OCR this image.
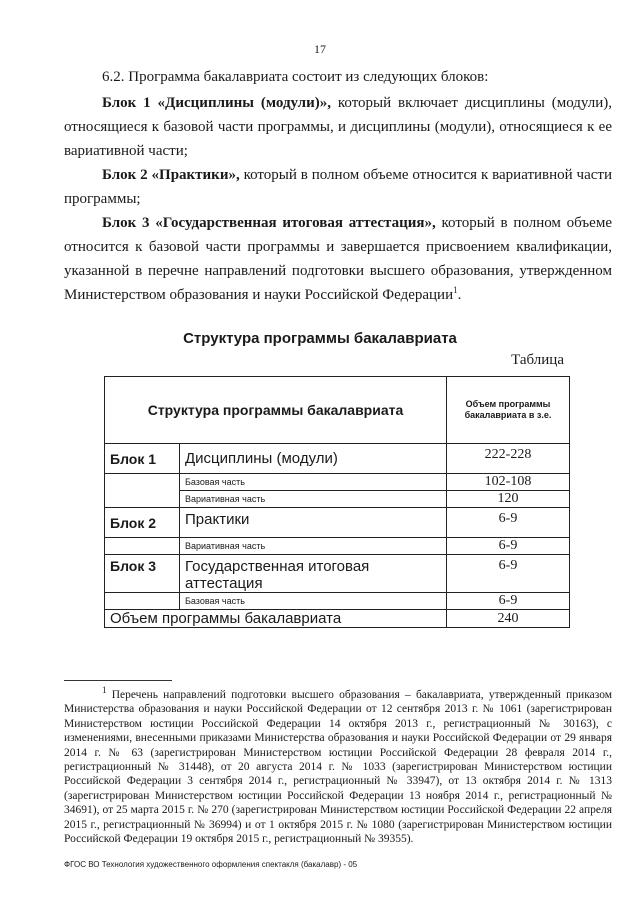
17

6.2. Программа бакалавриата состоит из следующих блоков:

Блок 1 «Дисциплины (модули)», который включает дисциплины (модули), относящиеся к базовой части программы, и дисциплины (модули), относящиеся к ее вариативной части;

Блок 2 «Практики», который в полном объеме относится к вариативной части программы;

Блок 3 «Государственная итоговая аттестация», который в полном объеме относится к базовой части программы и завершается присвоением квалификации, указанной в перечне направлений подготовки высшего образования, утвержденном Министерством образования и науки Российской Федерации$^1$.

Структура программы бакалавриата
Таблица
Структура программы бакалавриата		Объем программы бакалавриата в з.е.
Блок 1	Дисциплины (модули)	222-228
	Базовая часть	102-108
	Вариативная часть	120
Блок 2	Практики	6-9
	Вариативная часть	6-9
Блок 3	Государственная итоговая аттестация	6-9
	Базовая часть	6-9
Объем программы бакалавриата		240

$^1$ Перечень направлений подготовки высшего образования – бакалавриата, утвержденный приказом Министерства образования и науки Российской Федерации от 12 сентября 2013 г. № 1061 (зарегистрирован Министерством юстиции Российской Федерации 14 октября 2013 г., регистрационный № 30163), с изменениями, внесенными приказами Министерства образования и науки Российской Федерации от 29 января 2014 г. № 63 (зарегистрирован Министерством юстиции Российской Федерации 28 февраля 2014 г., регистрационный № 31448), от 20 августа 2014 г. № 1033 (зарегистрирован Министерством юстиции Российской Федерации 3 сентября 2014 г., регистрационный № 33947), от 13 октября 2014 г. № 1313 (зарегистрирован Министерством юстиции Российской Федерации 13 ноября 2014 г., регистрационный № 34691), от 25 марта 2015 г. № 270 (зарегистрирован Министерством юстиции Российской Федерации 22 апреля 2015 г., регистрационный № 36994) и от 1 октября 2015 г. № 1080 (зарегистрирован Министерством юстиции Российской Федерации 19 октября 2015 г., регистрационный № 39355).

ФГОС ВО Технология художественного оформления спектакля (бакалавр) - 05
